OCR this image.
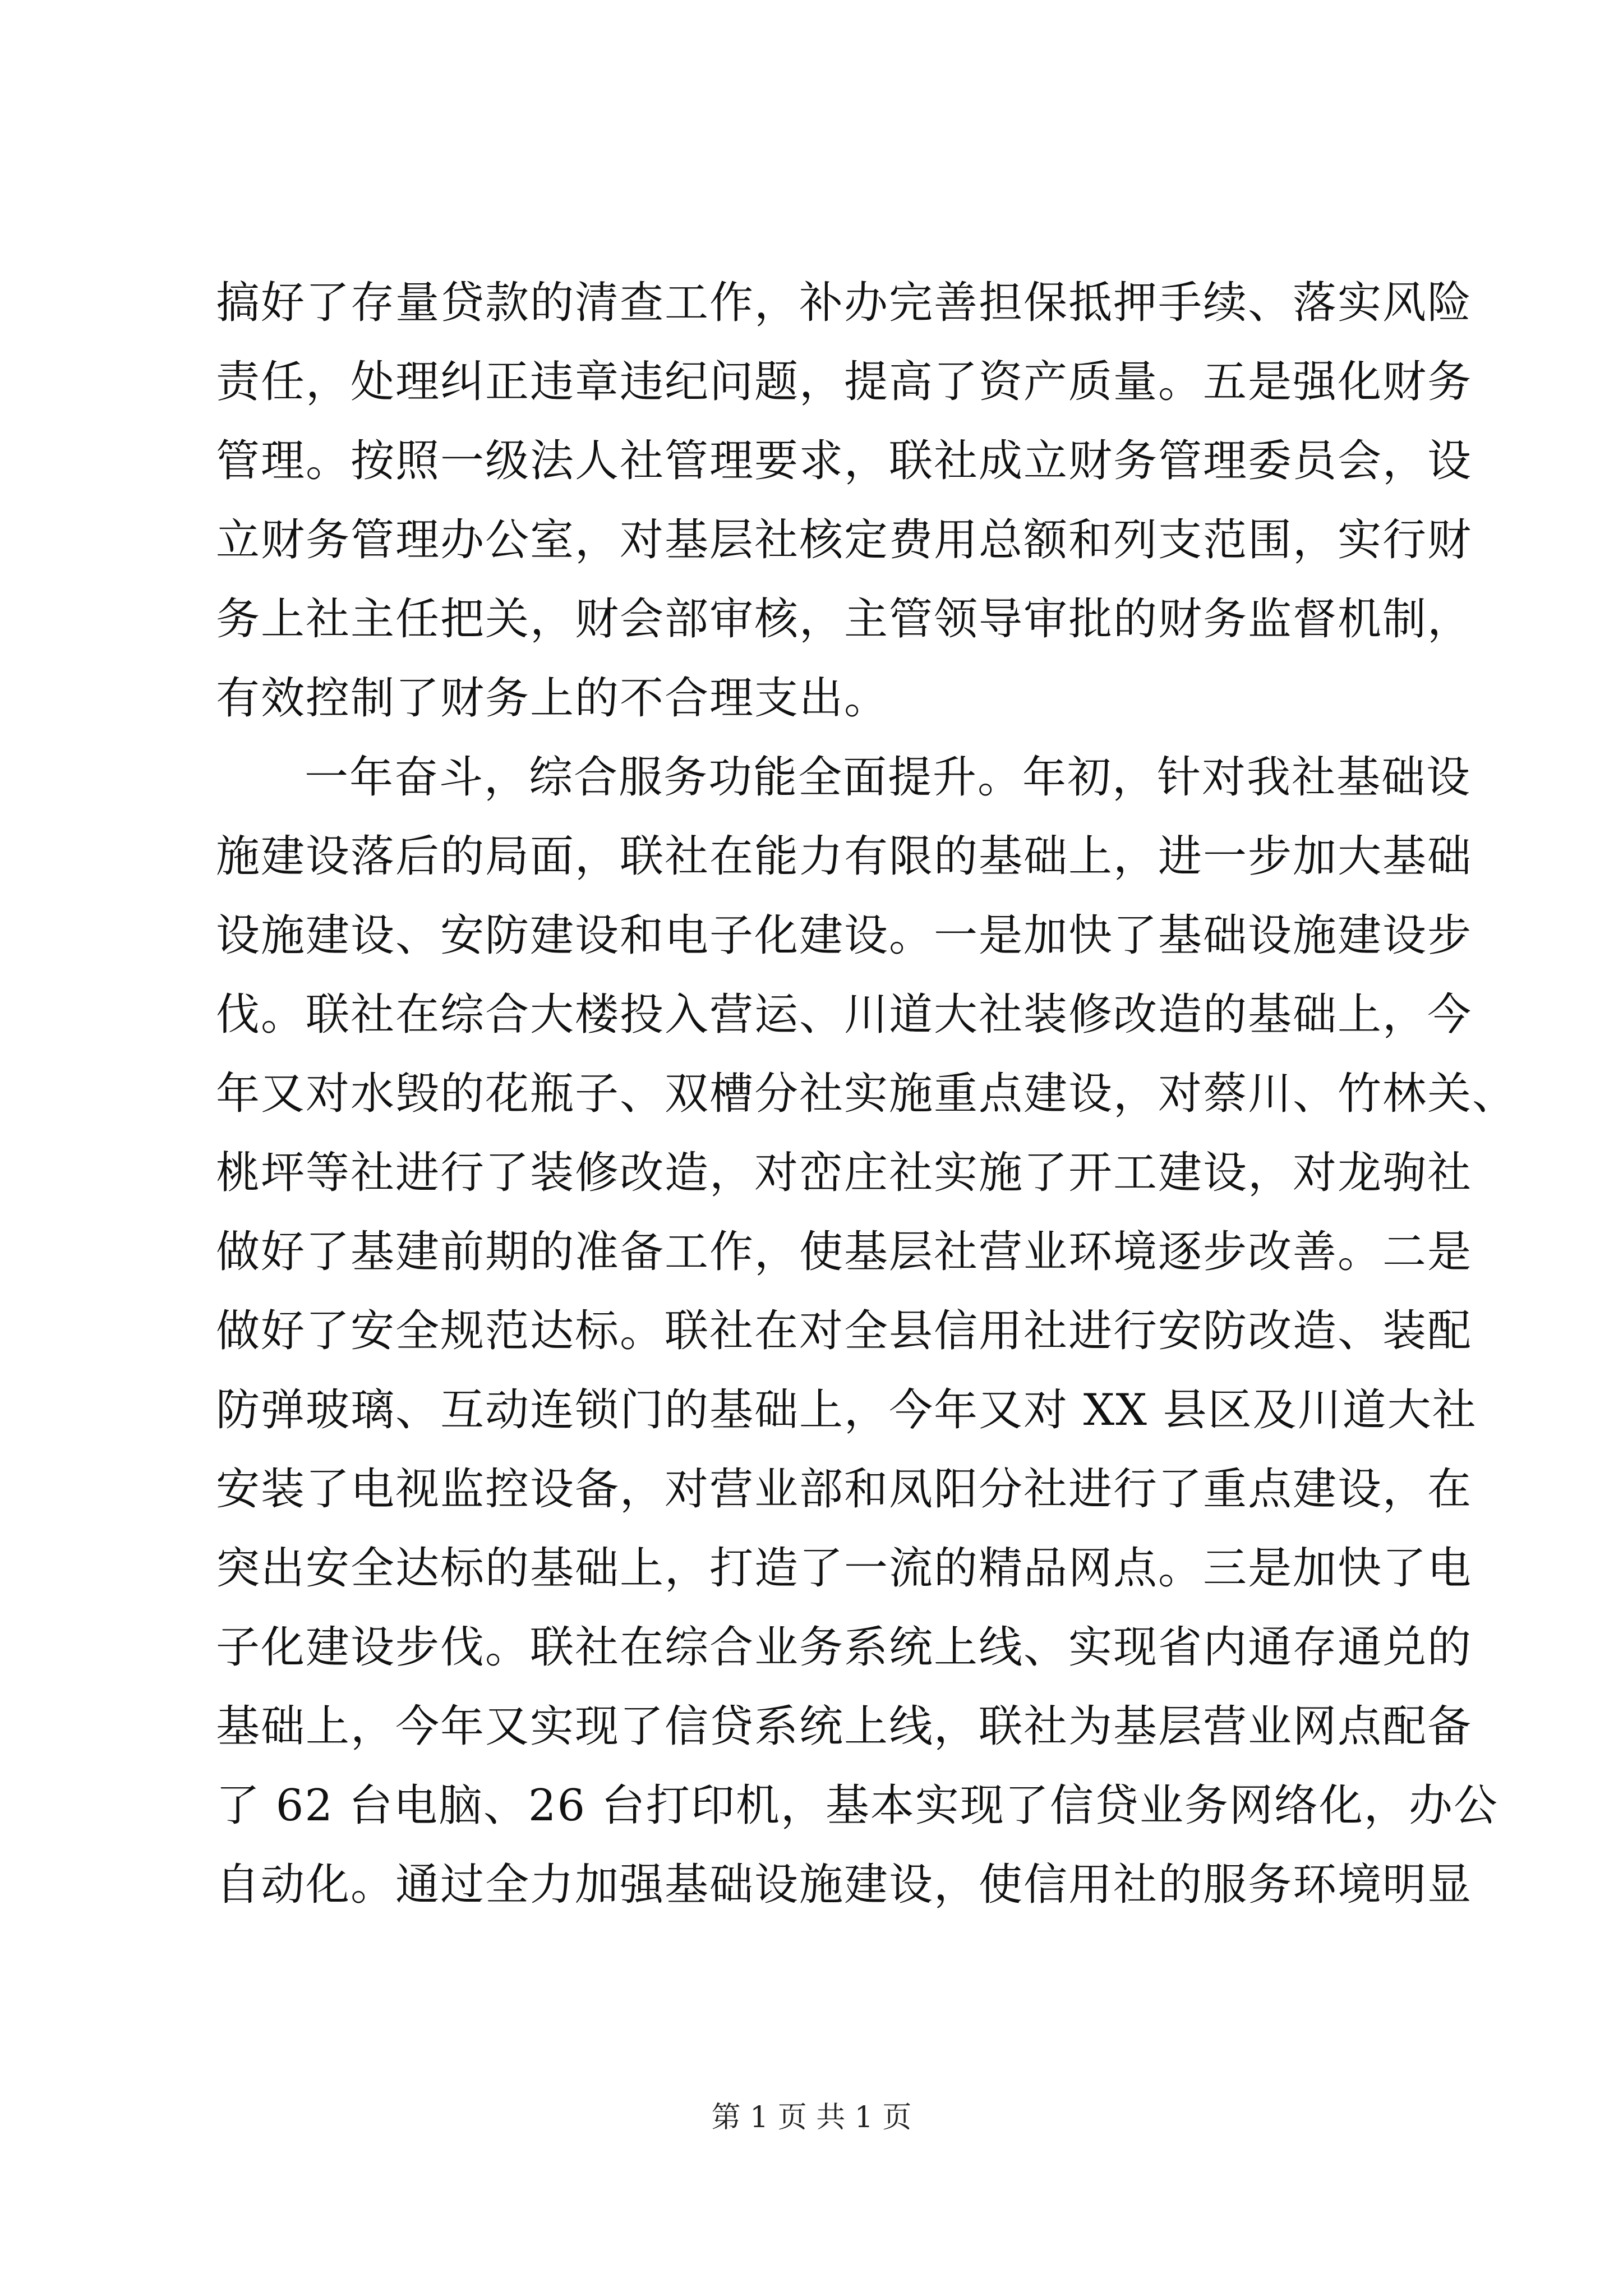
搞好了存量贷款的清查工作，补办完善担保抵押手续、落实风险
责任，处理纠正违章违纪问题，提高了资产质量。五是强化财务
管理。按照一级法人社管理要求，联社成立财务管理委员会，设
立财务管理办公室，对基层社核定费用总额和列支范围，实行财
务上社主任把关，财会部审核，主管领导审批的财务监督机制，
有效控制了财务上的不合理支出。
一年奋斗，综合服务功能全面提升。年初，针对我社基础设
施建设落后的局面，联社在能力有限的基础上，进一步加大基础
设施建设、安防建设和电子化建设。一是加快了基础设施建设步
伐。联社在综合大楼投入营运、川道大社装修改造的基础上，今
年又对水毁的花瓶子、双槽分社实施重点建设，对蔡川、竹林关、
桃坪等社进行了装修改造，对峦庄社实施了开工建设，对龙驹社
做好了基建前期的准备工作，使基层社营业环境逐步改善。二是
做好了安全规范达标。联社在对全县信用社进行安防改造、装配
防弹玻璃、互动连锁门的基础上，今年又对 XX 县区及川道大社
安装了电视监控设备，对营业部和凤阳分社进行了重点建设，在
突出安全达标的基础上，打造了一流的精品网点。三是加快了电
子化建设步伐。联社在综合业务系统上线、实现省内通存通兑的
基础上，今年又实现了信贷系统上线，联社为基层营业网点配备
了 62 台电脑、26 台打印机，基本实现了信贷业务网络化，办公
自动化。通过全力加强基础设施建设，使信用社的服务环境明显
第 1 页 共 1 页
